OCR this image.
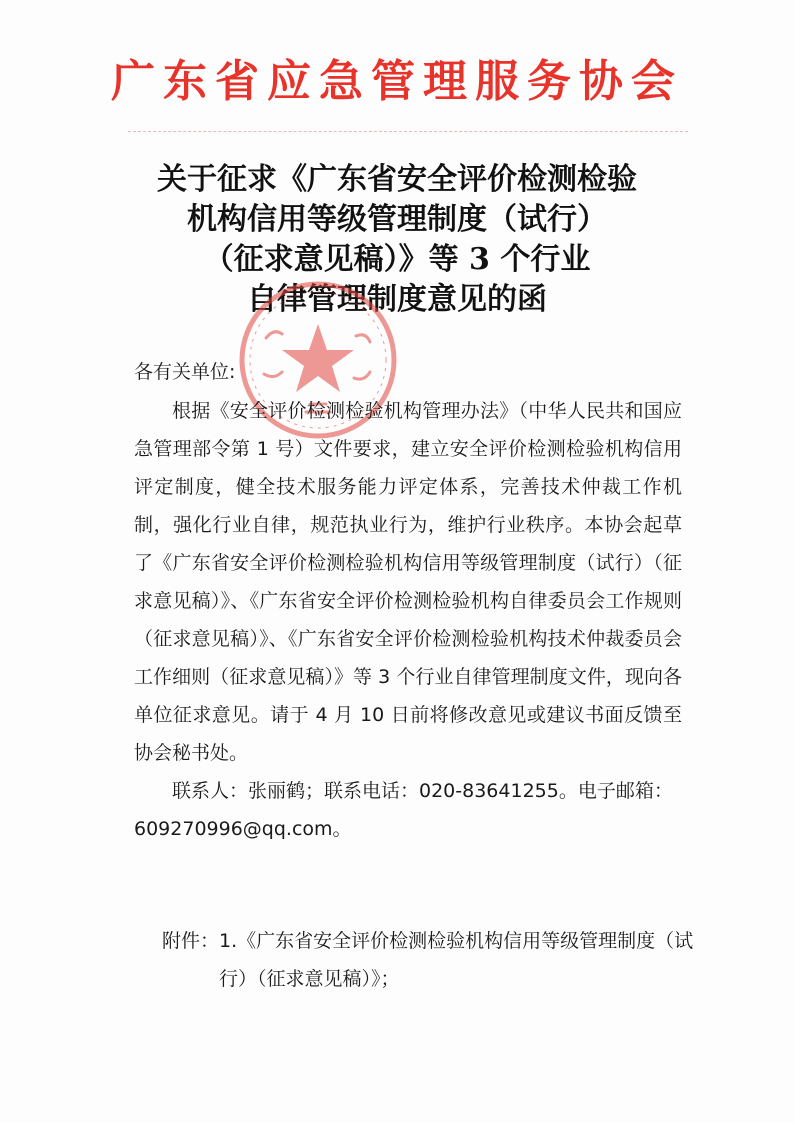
广东省应急管理服务协会
关于征求《广东省安全评价检测检验
机构信用等级管理制度（试行）
（征求意见稿）》等 3 个行业
自律管理制度意见的函
各有关单位:

根据《安全评价检测检验机构管理办法》（中华人民共和国应急管理部令第 1 号）文件要求，建立安全评价检测检验机构信用评定制度，健全技术服务能力评定体系，完善技术仲裁工作机制，强化行业自律，规范执业行为，维护行业秩序。本协会起草了《广东省安全评价检测检验机构信用等级管理制度（试行）（征求意见稿）》、《广东省安全评价检测检验机构自律委员会工作规则（征求意见稿）》、《广东省安全评价检测检验机构技术仲裁委员会工作细则（征求意见稿）》等 3 个行业自律管理制度文件，现向各单位征求意见。请于 4 月 10 日前将修改意见或建议书面反馈至协会秘书处。

联系人：张丽鹤；联系电话：020-83641255。电子邮箱：609270996@qq.com。

附件： 1.《广东省安全评价检测检验机构信用等级管理制度（试行）（征求意见稿）》；
